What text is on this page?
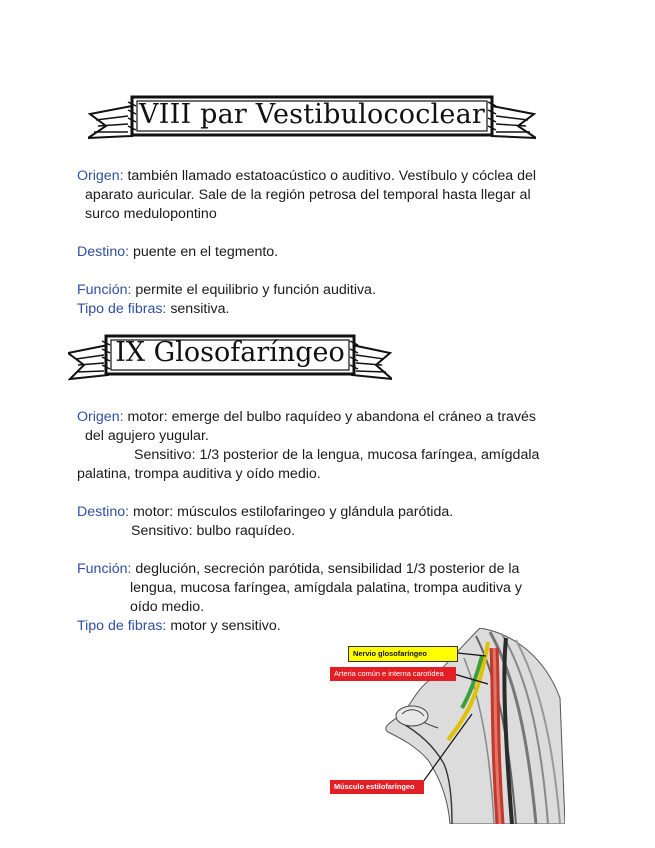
VIII par Vestibulococlear

Origen: también llamado estatoacústico o auditivo. Vestíbulo y cóclea del

aparato auricular. Sale de la región petrosa del temporal hasta llegar al

surco medulopontino

Destino: puente en el tegmento.

Función: permite el equilibrio y función auditiva.

Tipo de fibras: sensitiva.

IX Glosofaríngeo

Origen: motor: emerge del bulbo raquídeo y abandona el cráneo a través

del agujero yugular.

Sensitivo: 1/3 posterior de la lengua, mucosa faríngea, amígdala

palatina, trompa auditiva y oído medio.

Destino: motor: músculos estilofaringeo y glándula parótida.

Sensitivo: bulbo raquídeo.

Función: deglución, secreción parótida, sensibilidad 1/3 posterior de la

lengua, mucosa faríngea, amígdala palatina, trompa auditiva y

oído medio.

Tipo de fibras: motor y sensitivo.

Nervio glosofaríngeo
Arteria común e interna carotídea
Músculo estilofaríngeo
